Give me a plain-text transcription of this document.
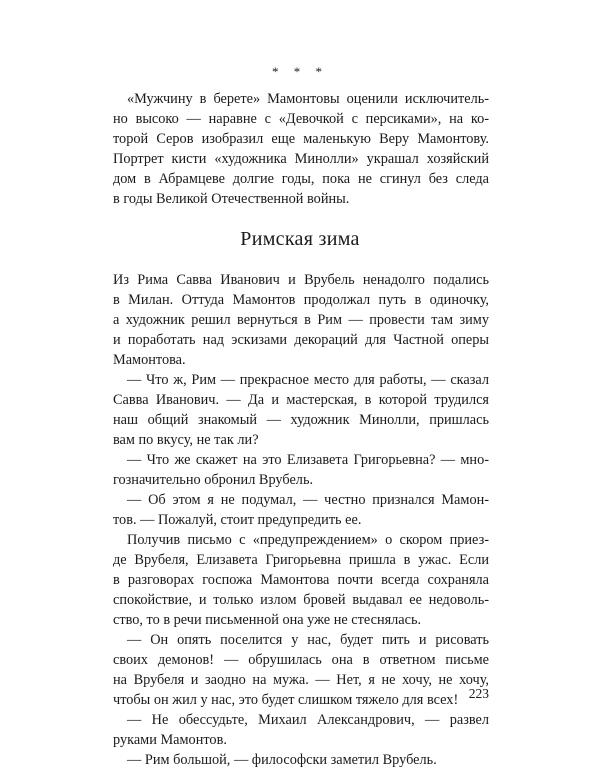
* * *
«Мужчину в берете» Мамонтовы оценили исключитель-
но высоко — наравне с «Девочкой с персиками», на ко-
торой Серов изобразил еще маленькую Веру Мамонтову.
Портрет кисти «художника Минолли» украшал хозяйский
дом в Абрамцеве долгие годы, пока не сгинул без следа
в годы Великой Отечественной войны.
Римская зима
Из Рима Савва Иванович и Врубель ненадолго подались
в Милан. Оттуда Мамонтов продолжал путь в одиночку,
а художник решил вернуться в Рим — провести там зиму
и поработать над эскизами декораций для Частной оперы
Мамонтова.
— Что ж, Рим — прекрасное место для работы, — сказал
Савва Иванович. — Да и мастерская, в которой трудился
наш общий знакомый — художник Минолли, пришлась
вам по вкусу, не так ли?
— Что же скажет на это Елизавета Григорьевна? — мно-
гозначительно обронил Врубель.
— Об этом я не подумал, — честно признался Мамон-
тов. — Пожалуй, стоит предупредить ее.
Получив письмо с «предупреждением» о скором приез-
де Врубеля, Елизавета Григорьевна пришла в ужас. Если
в разговорах госпожа Мамонтова почти всегда сохраняла
спокойствие, и только излом бровей выдавал ее недоволь-
ство, то в речи письменной она уже не стеснялась.
— Он опять поселится у нас, будет пить и рисовать
своих демонов! — обрушилась она в ответном письме
на Врубеля и заодно на мужа. — Нет, я не хочу, не хочу,
чтобы он жил у нас, это будет слишком тяжело для всех!
— Не обессудьте, Михаил Александрович, — развел
руками Мамонтов.
— Рим большой, — философски заметил Врубель.
223
